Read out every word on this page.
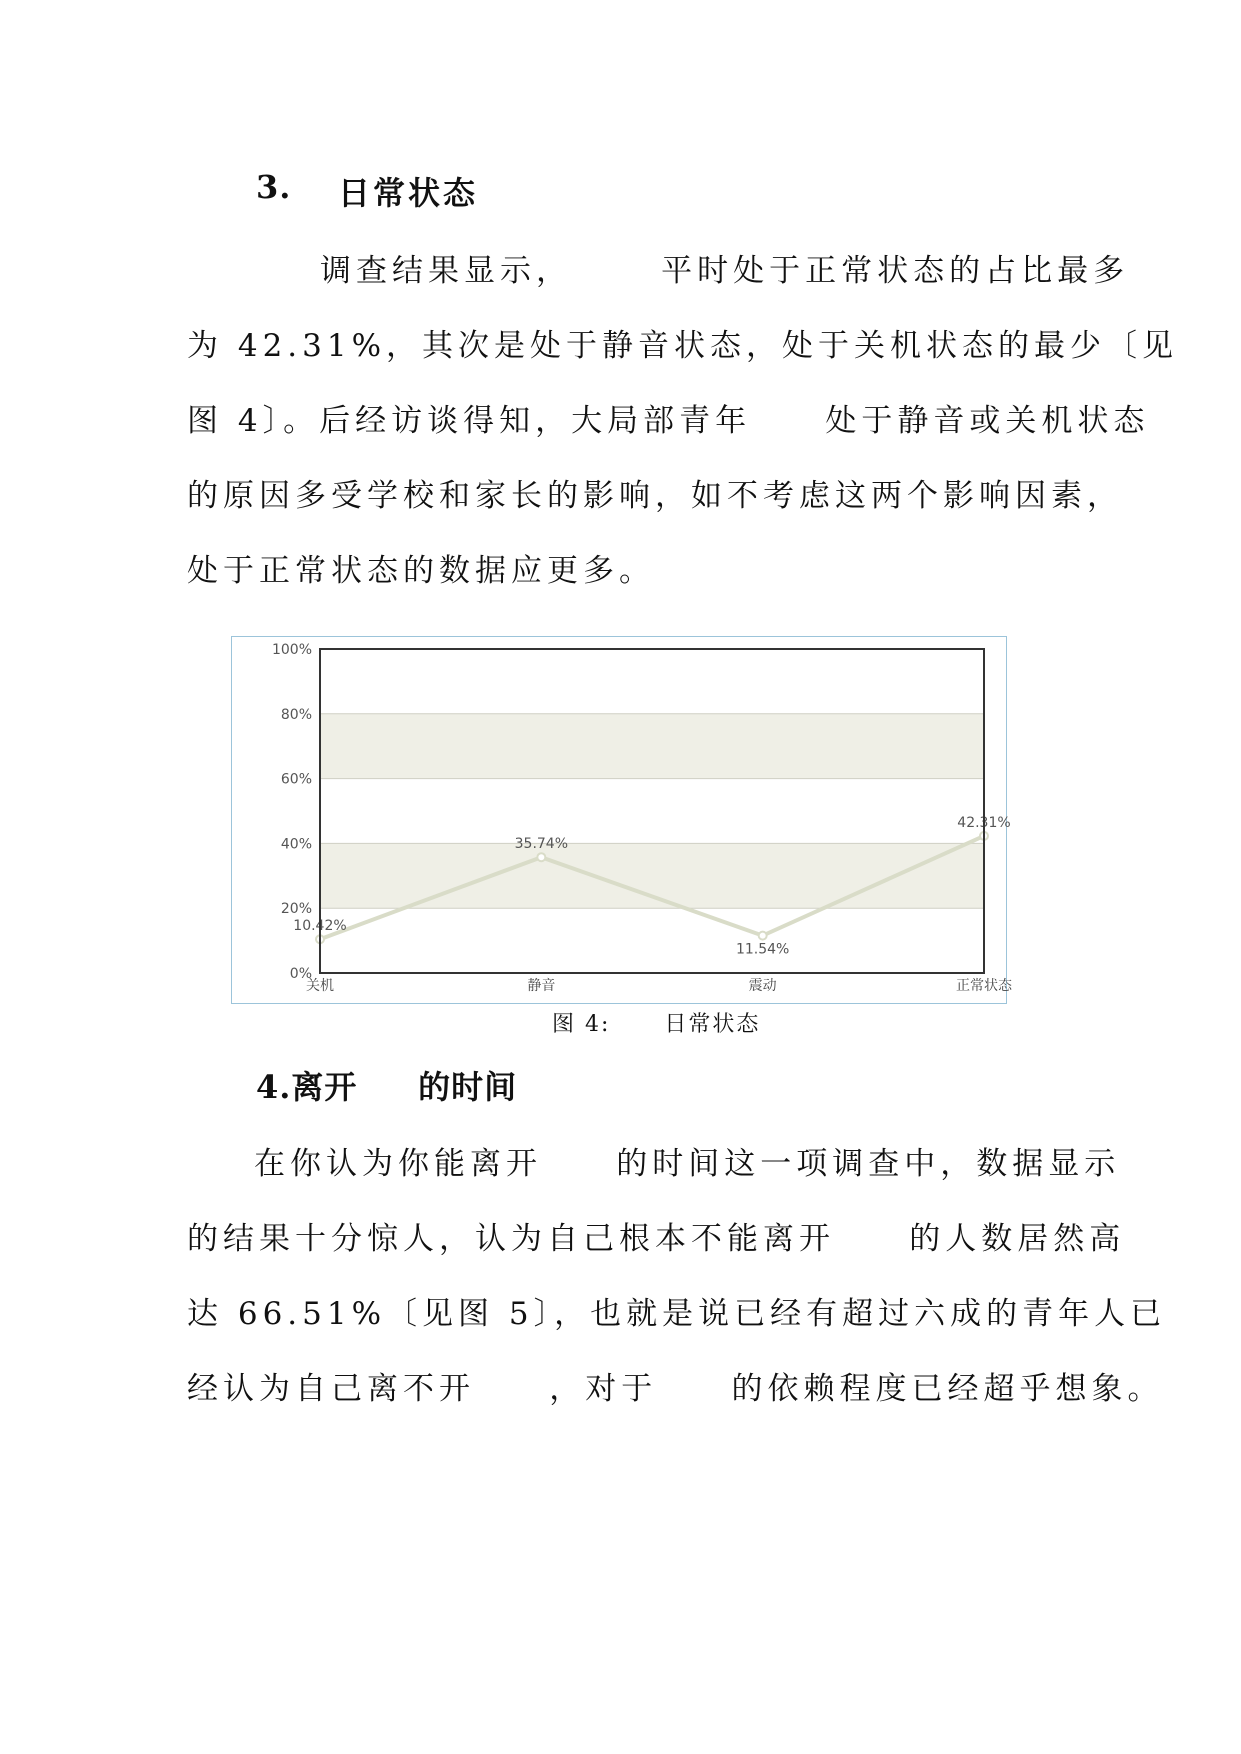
3. 日常状态
调查结果显示，      平时处于正常状态的占比最多
为 42.31%，其次是处于静音状态，处于关机状态的最少〔见
图 4〕。后经访谈得知，大局部青年     处于静音或关机状态
的原因多受学校和家长的影响，如不考虑这两个影响因素，
处于正常状态的数据应更多。
0%
20%
40%
60%
80%
100%
关机	静音	震动	正常状态
10.42%
35.74%
11.54%
42.31%
图 4:      日常状态
4.离开     的时间
在你认为你能离开     的时间这一项调查中，数据显示
的结果十分惊人，认为自己根本不能离开     的人数居然高
达 66.51%〔见图 5〕，也就是说已经有超过六成的青年人已
经认为自己离不开     ，对于     的依赖程度已经超乎想象。
